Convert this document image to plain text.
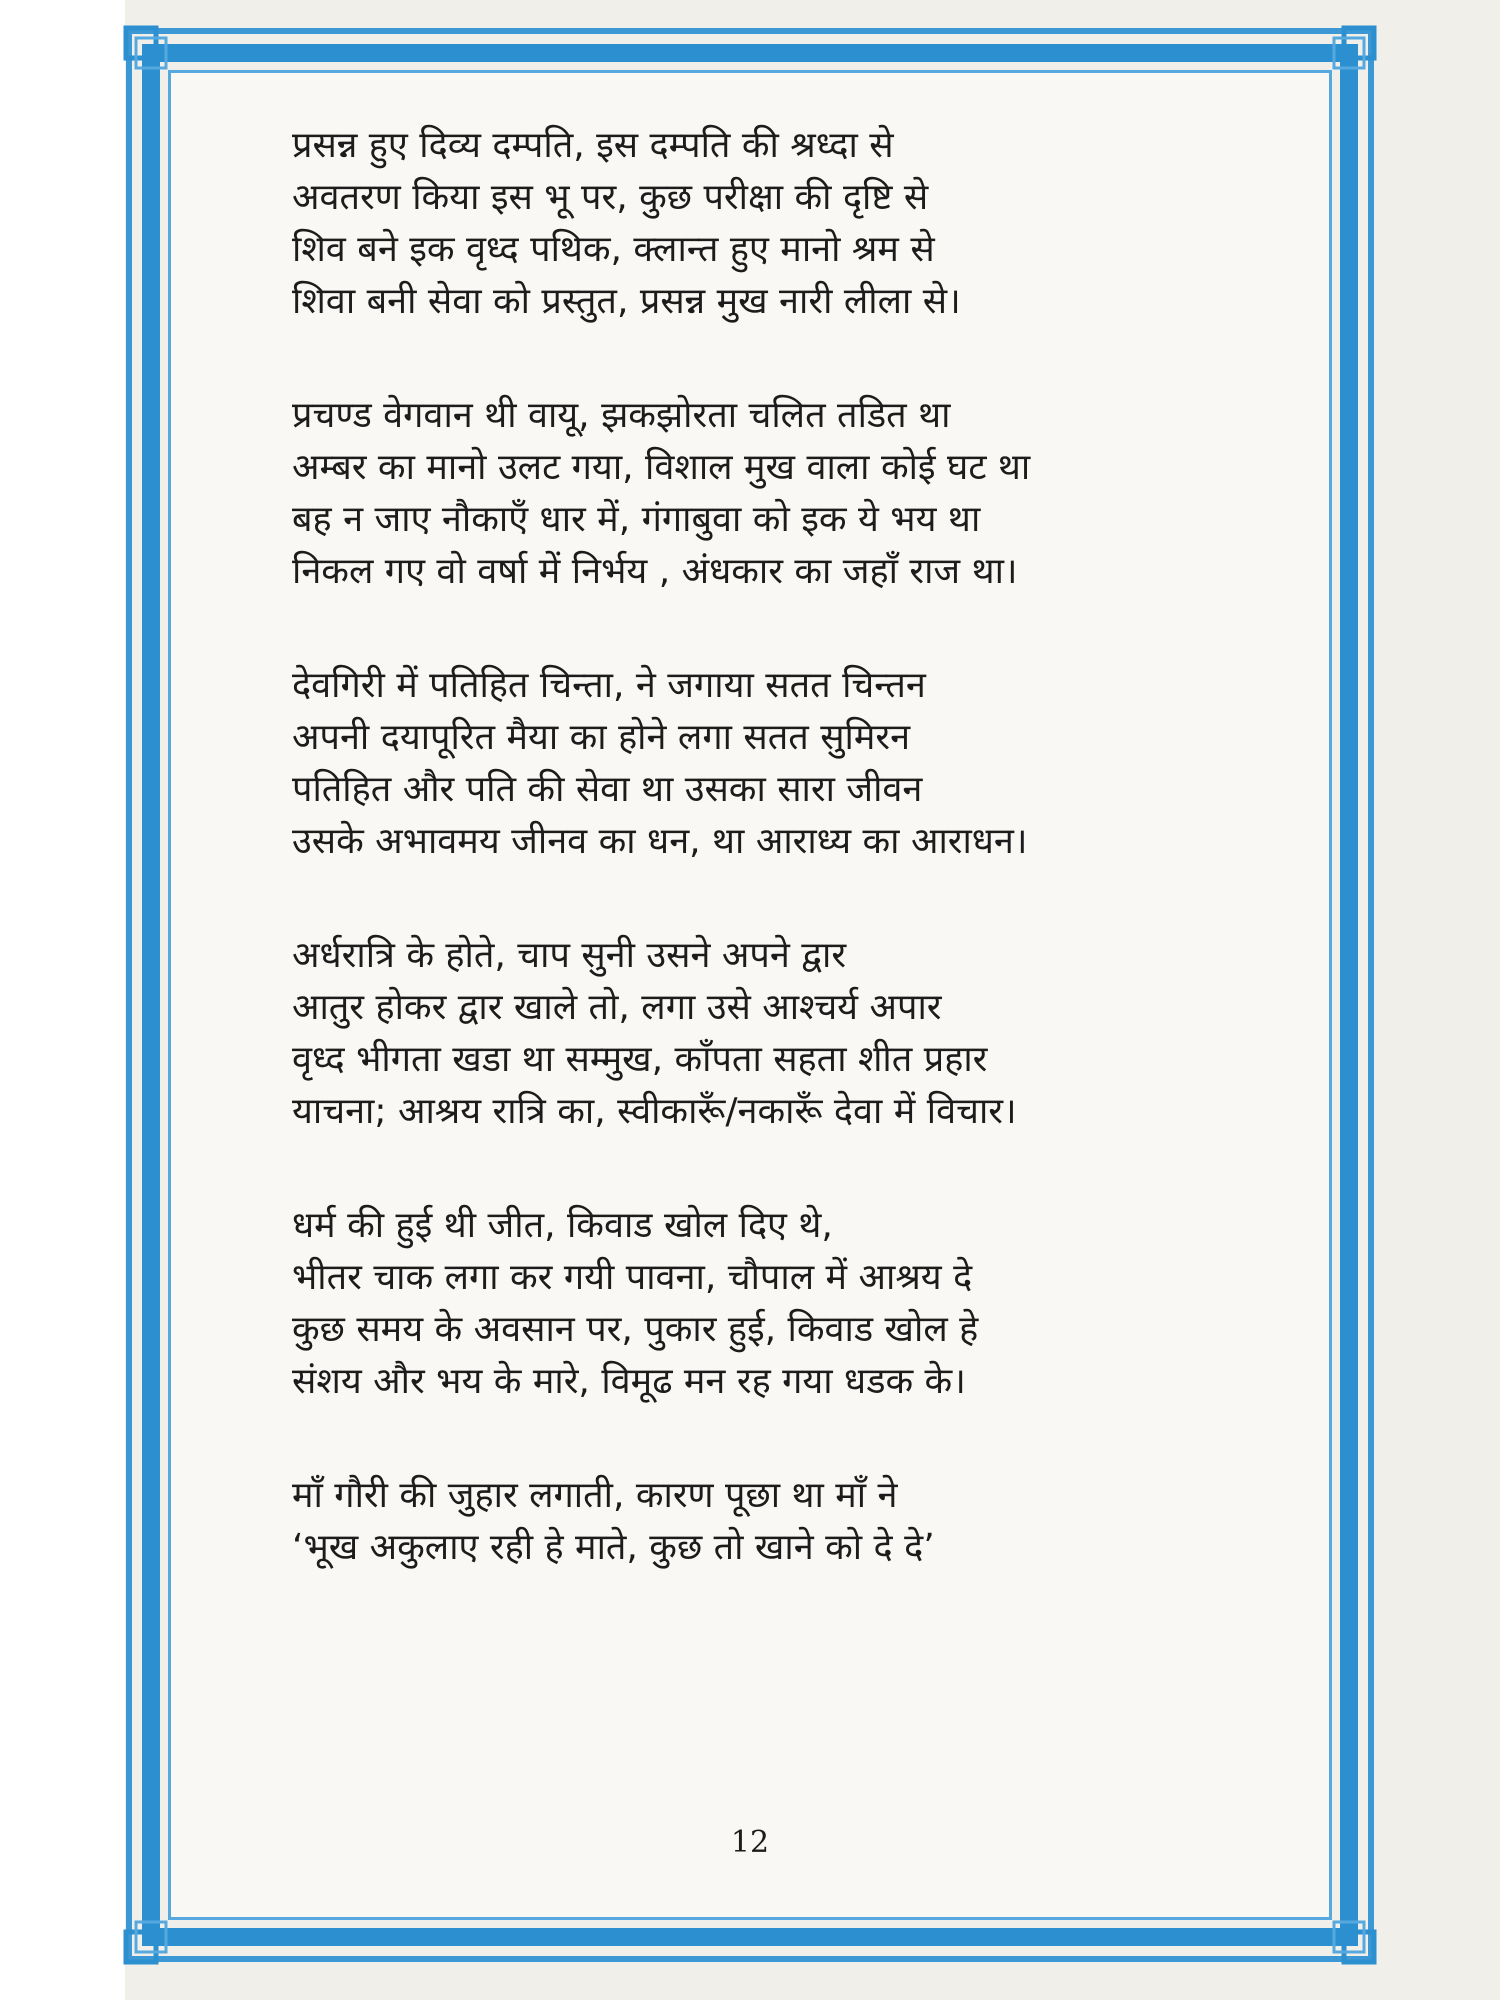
प्रसन्न हुए दिव्य दम्पति, इस दम्पति की श्रध्दा से
अवतरण किया इस भू पर, कुछ परीक्षा की दृष्टि से
शिव बने इक वृध्द पथिक, क्लान्त हुए मानो श्रम से
शिवा बनी सेवा को प्रस्तुत, प्रसन्न मुख नारी लीला से।
प्रचण्ड वेगवान थी वायू, झकझोरता चलित तडित था
अम्बर का मानो उलट गया, विशाल मुख वाला कोई घट था
बह न जाए नौकाएँ धार में, गंगाबुवा को इक ये भय था
निकल गए वो वर्षा में निर्भय , अंधकार का जहाँ राज था।
देवगिरी में पतिहित चिन्ता, ने जगाया सतत चिन्तन
अपनी दयापूरित मैया का होने लगा सतत सुमिरन
पतिहित और पति की सेवा था उसका सारा जीवन
उसके अभावमय जीनव का धन, था आराध्य का आराधन।
अर्धरात्रि के होते, चाप सुनी उसने अपने द्वार
आतुर होकर द्वार खाले तो, लगा उसे आश्चर्य अपार
वृध्द भीगता खडा था सम्मुख, काँपता सहता शीत प्रहार
याचना; आश्रय रात्रि का, स्वीकारूँ/नकारूँ देवा में विचार।
धर्म की हुई थी जीत, किवाड खोल दिए थे,
भीतर चाक लगा कर गयी पावना, चौपाल में आश्रय दे
कुछ समय के अवसान पर, पुकार हुई, किवाड खोल हे
संशय और भय के मारे, विमूढ मन रह गया धडक के।
माँ गौरी की जुहार लगाती, कारण पूछा था माँ ने
‘भूख अकुलाए रही हे माते, कुछ तो खाने को दे दे’
12
